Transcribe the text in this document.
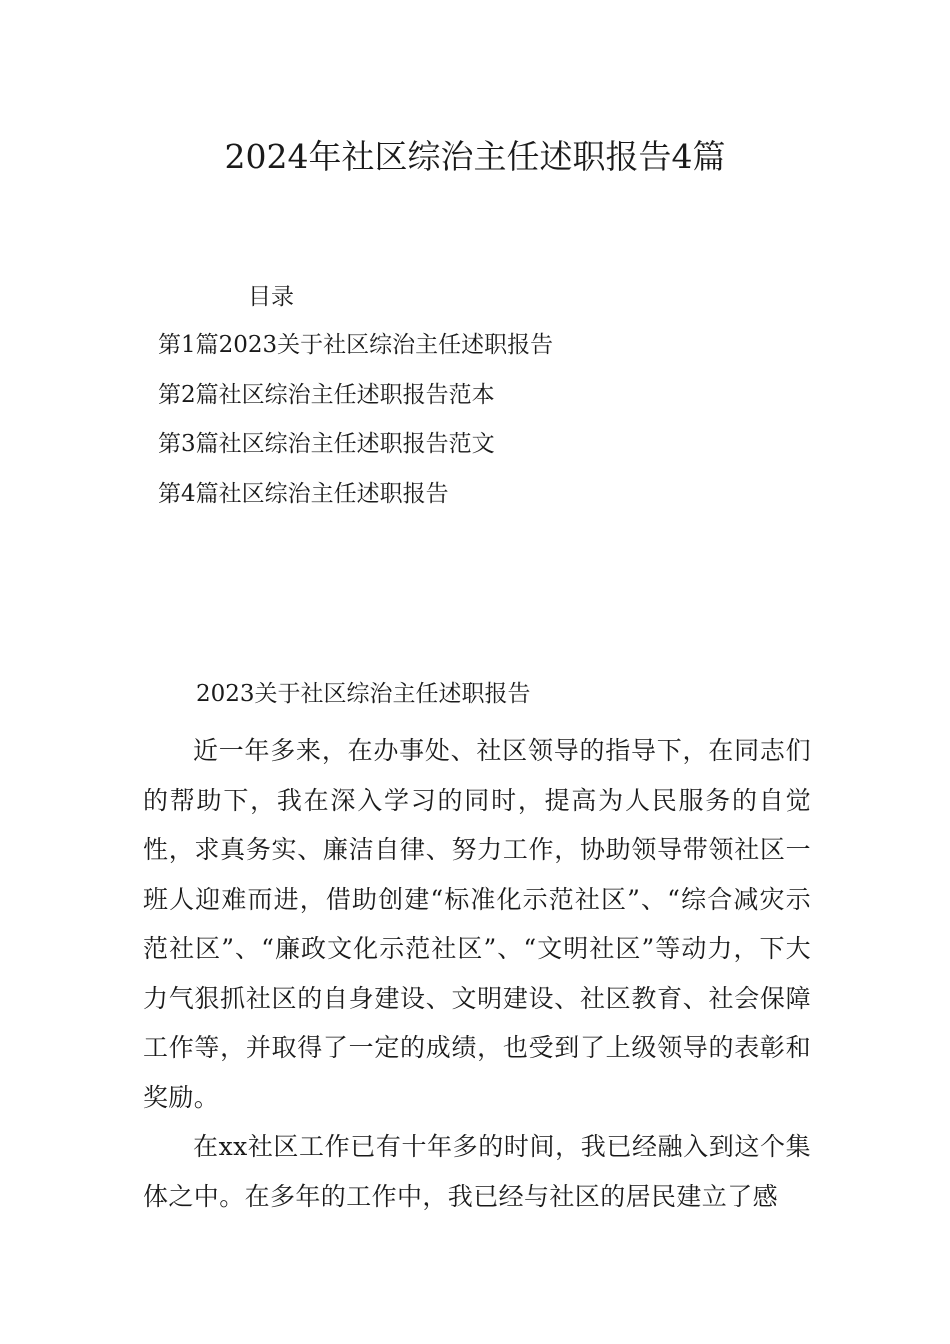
2024年社区综治主任述职报告4篇
目录
第1篇2023关于社区综治主任述职报告
第2篇社区综治主任述职报告范本
第3篇社区综治主任述职报告范文
第4篇社区综治主任述职报告
2023关于社区综治主任述职报告

近一年多来，在办事处、社区领导的指导下，在同志们的帮助下，我在深入学习的同时，提高为人民服务的自觉性，求真务实、廉洁自律、努力工作，协助领导带领社区一班人迎难而进，借助创建“标准化示范社区”、“综合减灾示范社区”、“廉政文化示范社区”、“文明社区”等动力，下大力气狠抓社区的自身建设、文明建设、社区教育、社会保障工作等，并取得了一定的成绩，也受到了上级领导的表彰和奖励。

在xx社区工作已有十年多的时间，我已经融入到这个集体之中。在多年的工作中，我已经与社区的居民建立了感
